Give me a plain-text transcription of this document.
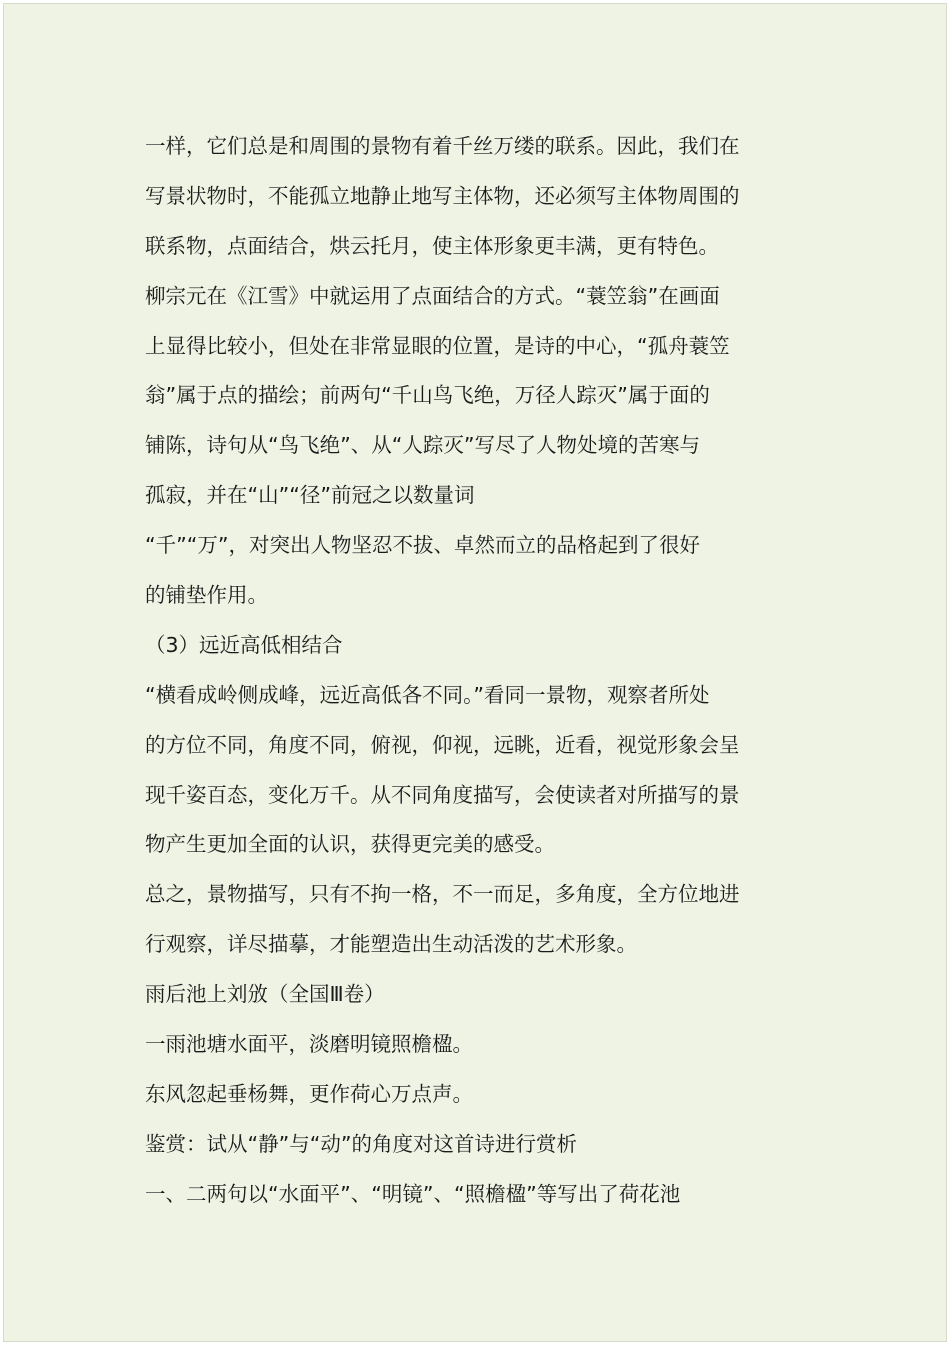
一样，它们总是和周围的景物有着千丝万缕的联系。因此，我们在
写景状物时，不能孤立地静止地写主体物，还必须写主体物周围的
联系物，点面结合，烘云托月，使主体形象更丰满，更有特色。
柳宗元在《江雪》中就运用了点面结合的方式。“蓑笠翁”在画面
上显得比较小，但处在非常显眼的位置，是诗的中心，“孤舟蓑笠
翁”属于点的描绘；前两句“千山鸟飞绝，万径人踪灭”属于面的
铺陈，诗句从“鸟飞绝”、从“人踪灭”写尽了人物处境的苦寒与
孤寂，并在“山”“径”前冠之以数量词
“千”“万”，对突出人物坚忍不拔、卓然而立的品格起到了很好
的铺垫作用。
（3）远近高低相结合
“横看成岭侧成峰，远近高低各不同。”看同一景物，观察者所处
的方位不同，角度不同，俯视，仰视，远眺，近看，视觉形象会呈
现千姿百态，变化万千。从不同角度描写，会使读者对所描写的景
物产生更加全面的认识，获得更完美的感受。
总之，景物描写，只有不拘一格，不一而足，多角度，全方位地进
行观察，详尽描摹，才能塑造出生动活泼的艺术形象。
雨后池上刘攽（全国Ⅲ卷）
一雨池塘水面平，淡磨明镜照檐楹。
东风忽起垂杨舞，更作荷心万点声。
鉴赏：试从“静”与“动”的角度对这首诗进行赏析
一、二两句以“水面平”、“明镜”、“照檐楹”等写出了荷花池
